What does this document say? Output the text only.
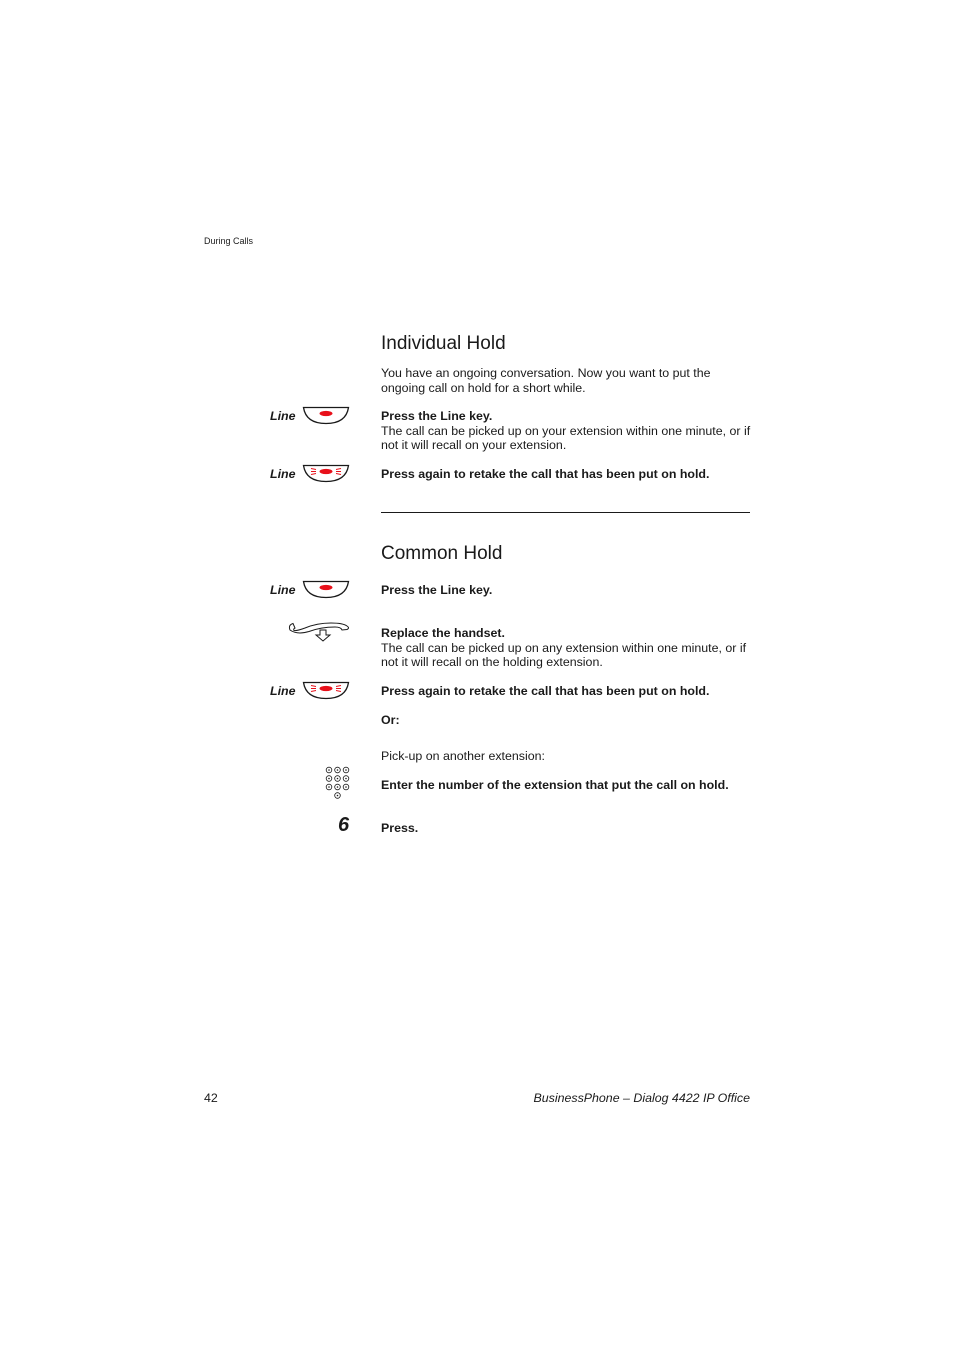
During Calls
Individual Hold
You have an ongoing conversation. Now you want to put the ongoing call on hold for a short while.
Line	Press the Line key.
The call can be picked up on your extension within one minute, or if not it will recall on your extension.
Line	Press again to retake the call that has been put on hold.
Common Hold
Line	Press the Line key.
Replace the handset.
The call can be picked up on any extension within one minute, or if not it will recall on the holding extension.
Line	Press again to retake the call that has been put on hold.
Or:
Pick-up on another extension:
Enter the number of the extension that put the call on hold.
6	Press.
42	BusinessPhone – Dialog 4422 IP Office
